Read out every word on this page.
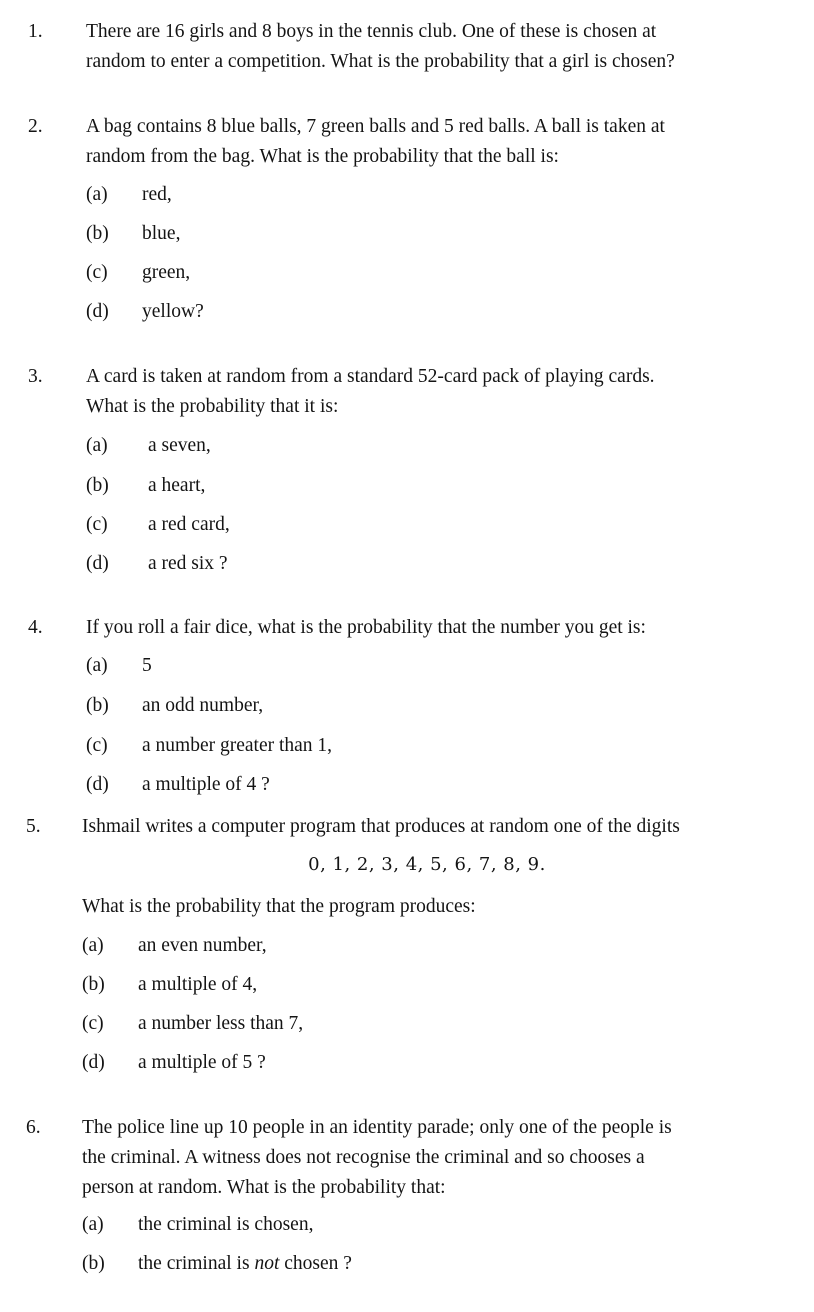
1. There are 16 girls and 8 boys in the tennis club. One of these is chosen at
random to enter a competition. What is the probability that a girl is chosen?
2. A bag contains 8 blue balls, 7 green balls and 5 red balls. A ball is taken at
random from the bag. What is the probability that the ball is:
(a) red,
(b) blue,
(c) green,
(d) yellow?
3. A card is taken at random from a standard 52-card pack of playing cards.
What is the probability that it is:
(a) a seven,
(b) a heart,
(c) a red card,
(d) a red six ?
4. If you roll a fair dice, what is the probability that the number you get is:
(a) 5
(b) an odd number,
(c) a number greater than 1,
(d) a multiple of 4 ?
5. Ishmail writes a computer program that produces at random one of the digits
0, 1, 2, 3, 4, 5, 6, 7, 8, 9.
What is the probability that the program produces:
(a) an even number,
(b) a multiple of 4,
(c) a number less than 7,
(d) a multiple of 5 ?
6. The police line up 10 people in an identity parade; only one of the people is
the criminal. A witness does not recognise the criminal and so chooses a
person at random. What is the probability that:
(a) the criminal is chosen,
(b) the criminal is not chosen ?
